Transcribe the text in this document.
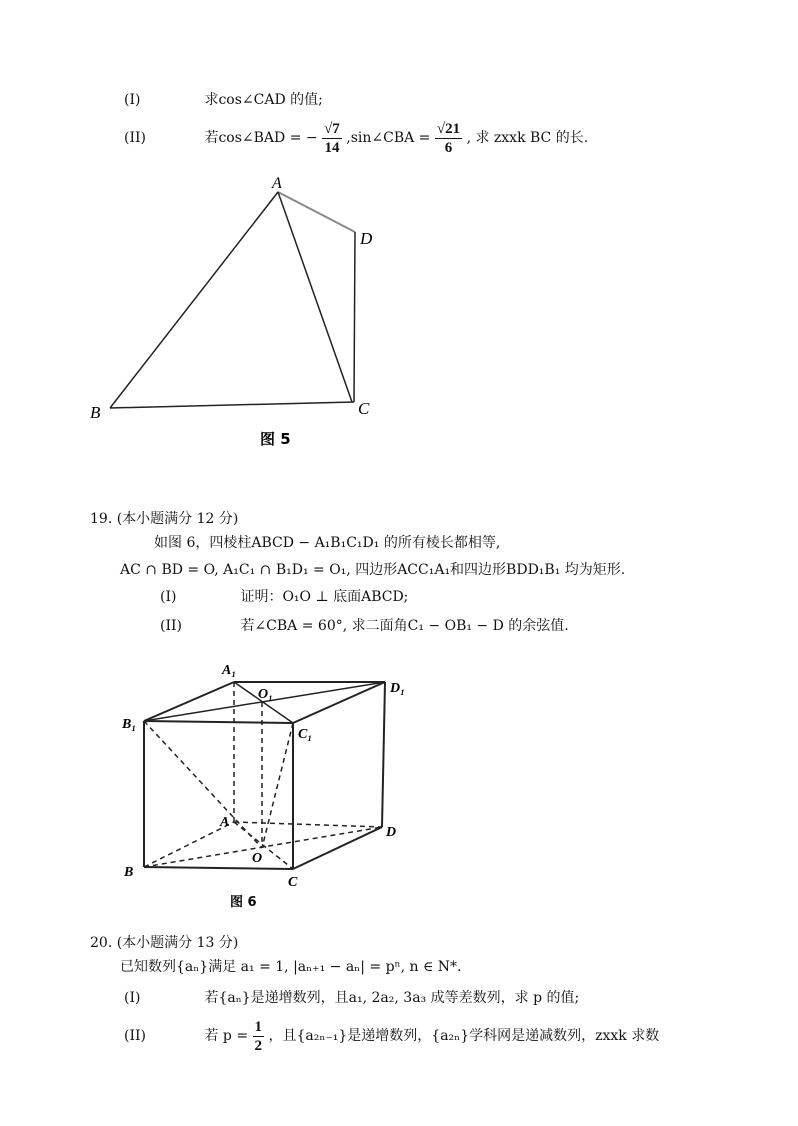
(I)	求cos∠CAD 的值;
(II)	若cos∠BAD = − $\frac{√7}{14}$ ,sin∠CBA = $\frac{√21}{6}$ , 求 zxxk BC 的长.
A
D
B	C
图 5
19. (本小题满分 12 分)
如图 6，四棱柱ABCD − A₁B₁C₁D₁ 的所有棱长都相等,
AC ∩ BD = O, A₁C₁ ∩ B₁D₁ = O₁, 四边形ACC₁A₁和四边形BDD₁B₁ 均为矩形.
(I)	证明：O₁O ⊥ 底面ABCD;
(II)	若∠CBA = 60°, 求二面角C₁ − OB₁ − D 的余弦值.
A₁
O₁	D₁
B₁
C₁
A
D
O
B
C
图 6
20. (本小题满分 13 分)
已知数列{aₙ}满足 a₁ = 1, |aₙ₊₁ − aₙ| = pⁿ, n ∈ N*.
(I)	若{aₙ}是递增数列，且a₁, 2a₂, 3a₃ 成等差数列，求 p 的值;
(II)	若 $p = \frac{1}{2}$ ，且{a₂ₙ₋₁}是递增数列，{a₂ₙ}学科网是递减数列，zxxk 求数
